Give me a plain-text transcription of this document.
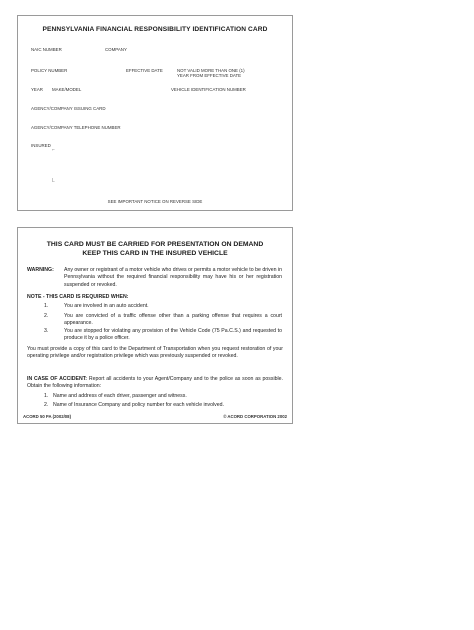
PENNSYLVANIA FINANCIAL RESPONSIBILITY IDENTIFICATION CARD
NAIC NUMBER	COMPANY
POLICY NUMBER	EFFECTIVE DATE	NOT VALID MORE THAN ONE (1)
YEAR FROM EFFECTIVE DATE
YEAR MAKE/MODEL	VEHICLE IDENTIFICATION NUMBER
AGENCY/COMPANY ISSUING CARD
AGENCY/COMPANY TELEPHONE NUMBER
INSURED
⌐
L
SEE IMPORTANT NOTICE ON REVERSE SIDE
THIS CARD MUST BE CARRIED FOR PRESENTATION ON DEMAND
KEEP THIS CARD IN THE INSURED VEHICLE
WARNING: Any owner or registrant of a motor vehicle who drives or permits a motor vehicle to be driven in Pennsylvania without the required financial responsibility may have his or her registration suspended or revoked.
NOTE - THIS CARD IS REQUIRED WHEN:
1.	You are involved in an auto accident.
2.	You are convicted of a traffic offense other than a parking offense that requires a court appearance.
3.	You are stopped for violating any provision of the Vehicle Code (75 Pa.C.S.) and requested to produce it by a police officer.
You must provide a copy of this card to the Department of Transportation when you request restoration of your operating privilege and/or registration privilege which was previously suspended or revoked.
IN CASE OF ACCIDENT: Report all accidents to your Agent/Company and to the police as soon as possible. Obtain the following information:
1. Name and address of each driver, passenger and witness.
2. Name of Insurance Company and policy number for each vehicle involved.
ACORD 50 PA (2002/08)	© ACORD CORPORATION 2002
